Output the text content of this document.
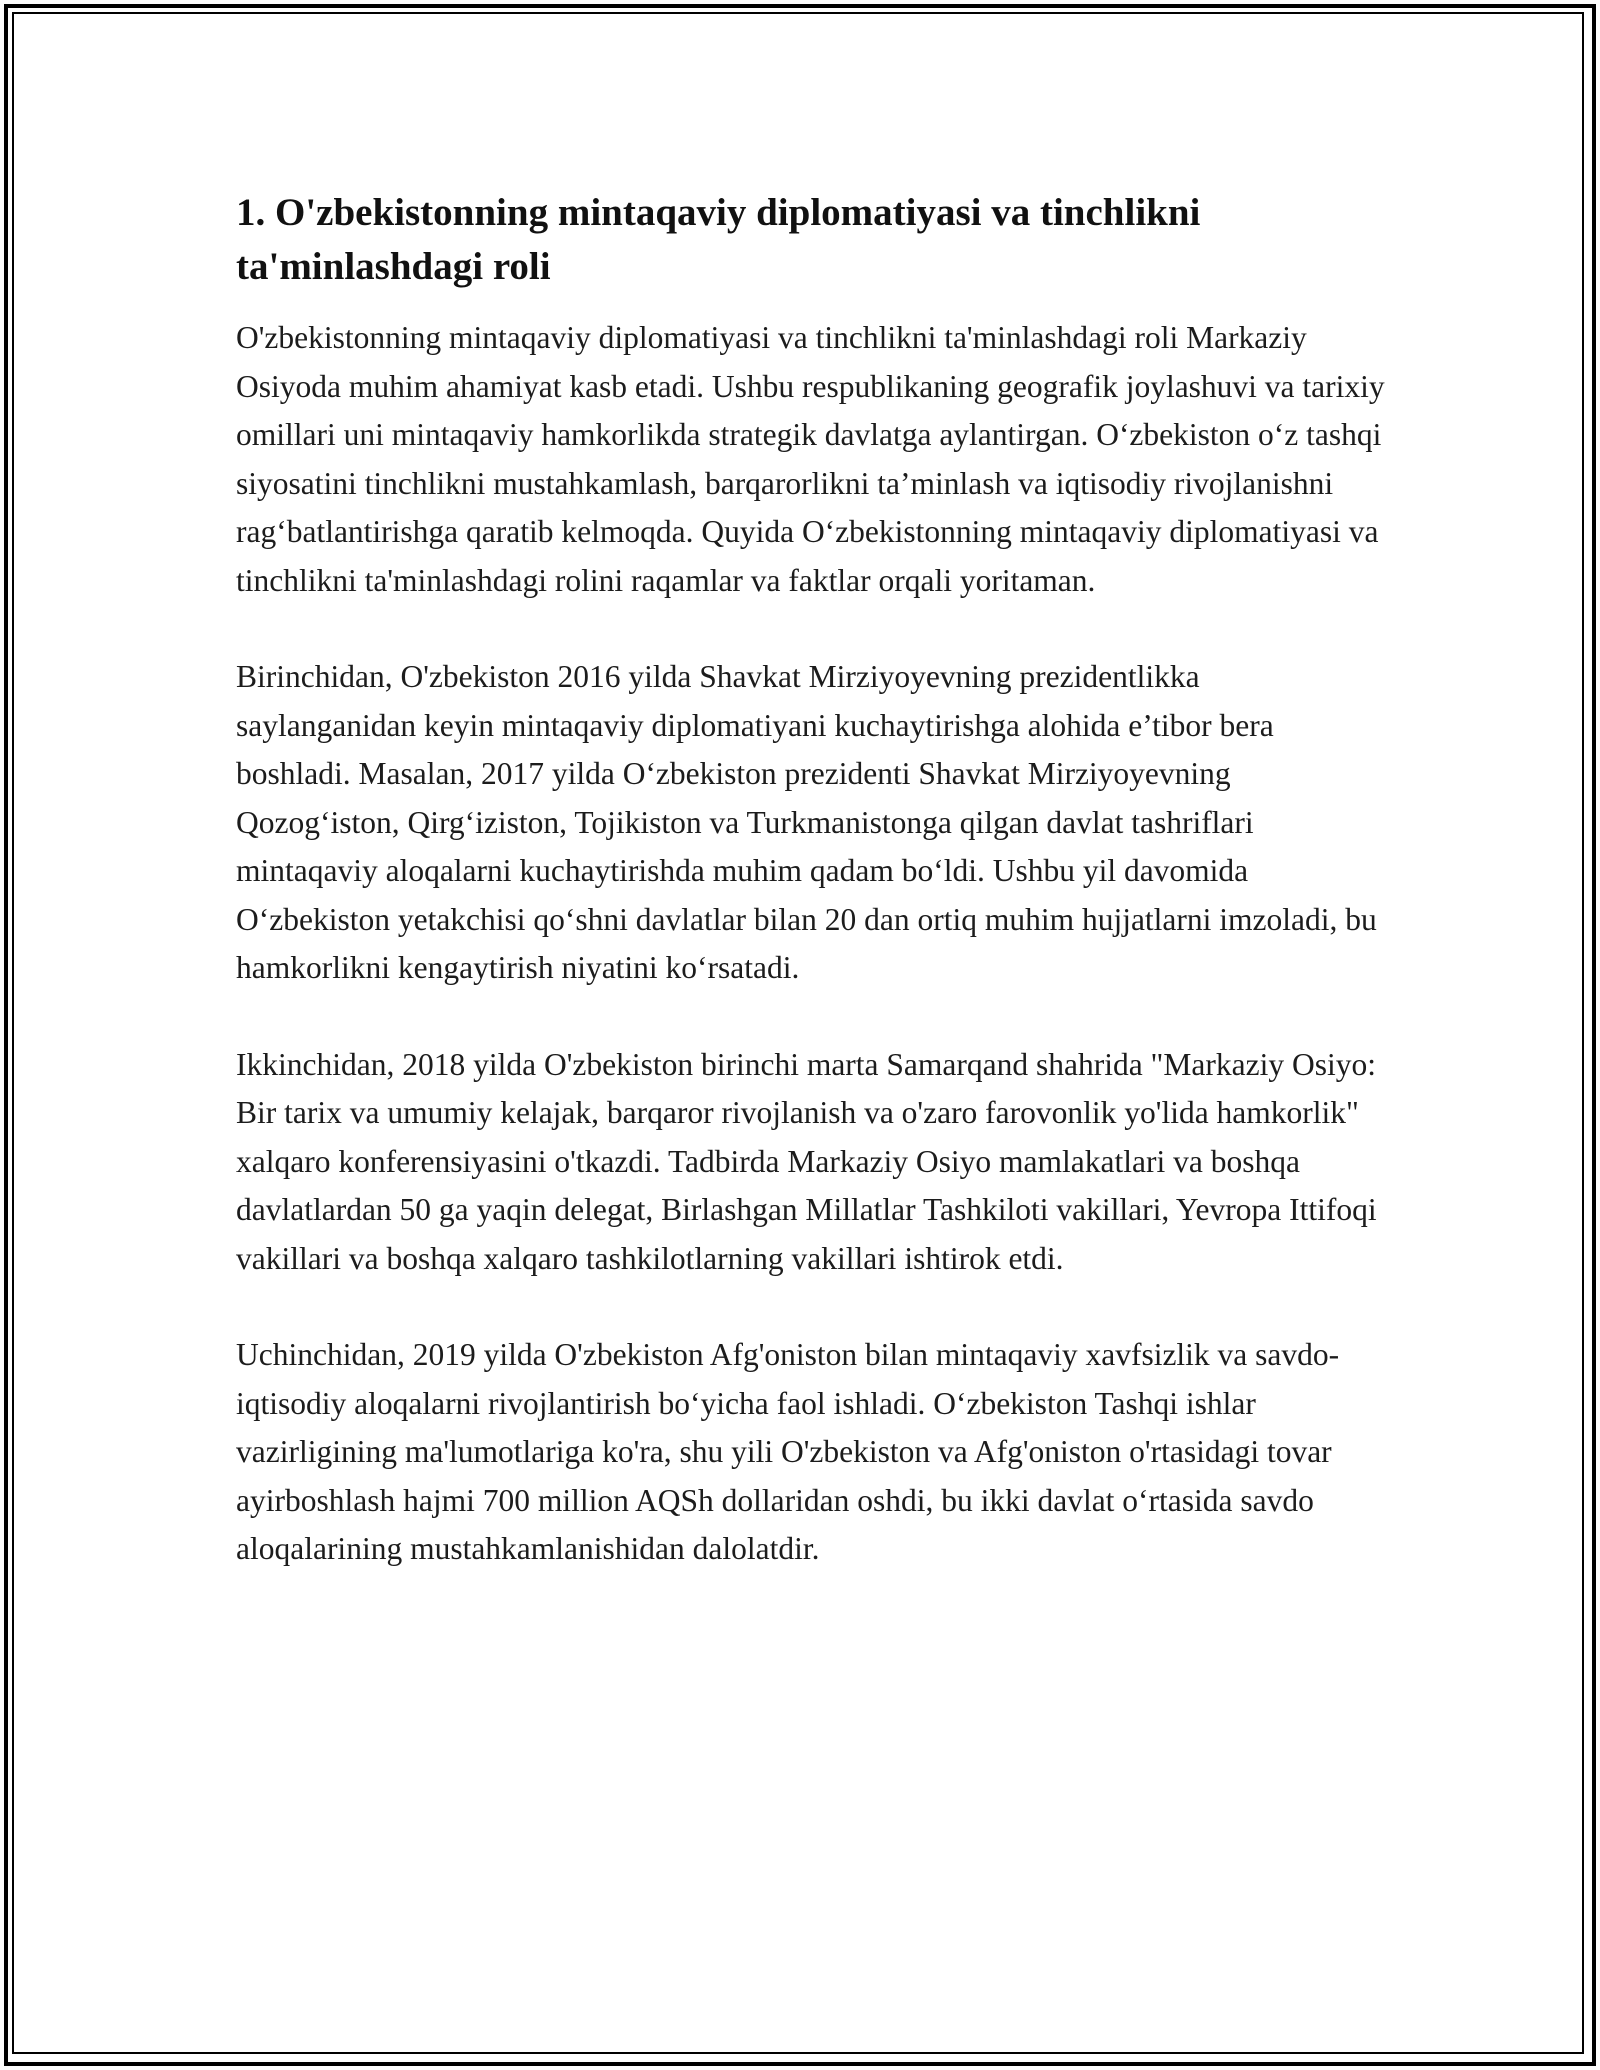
1. O'zbekistonning mintaqaviy diplomatiyasi va tinchlikni ta'minlashdagi roli

O'zbekistonning mintaqaviy diplomatiyasi va tinchlikni ta'minlashdagi roli Markaziy Osiyoda muhim ahamiyat kasb etadi. Ushbu respublikaning geografik joylashuvi va tarixiy omillari uni mintaqaviy hamkorlikda strategik davlatga aylantirgan. O‘zbekiston o‘z tashqi siyosatini tinchlikni mustahkamlash, barqarorlikni ta’minlash va iqtisodiy rivojlanishni rag‘batlantirishga qaratib kelmoqda. Quyida O‘zbekistonning mintaqaviy diplomatiyasi va tinchlikni ta'minlashdagi rolini raqamlar va faktlar orqali yoritaman.

Birinchidan, O'zbekiston 2016 yilda Shavkat Mirziyoyevning prezidentlikka saylanganidan keyin mintaqaviy diplomatiyani kuchaytirishga alohida e’tibor bera boshladi. Masalan, 2017 yilda O‘zbekiston prezidenti Shavkat Mirziyoyevning Qozog‘iston, Qirg‘iziston, Tojikiston va Turkmanistonga qilgan davlat tashriflari mintaqaviy aloqalarni kuchaytirishda muhim qadam bo‘ldi. Ushbu yil davomida O‘zbekiston yetakchisi qo‘shni davlatlar bilan 20 dan ortiq muhim hujjatlarni imzoladi, bu hamkorlikni kengaytirish niyatini ko‘rsatadi.

Ikkinchidan, 2018 yilda O'zbekiston birinchi marta Samarqand shahrida "Markaziy Osiyo: Bir tarix va umumiy kelajak, barqaror rivojlanish va o'zaro farovonlik yo'lida hamkorlik" xalqaro konferensiyasini o'tkazdi. Tadbirda Markaziy Osiyo mamlakatlari va boshqa davlatlardan 50 ga yaqin delegat, Birlashgan Millatlar Tashkiloti vakillari, Yevropa Ittifoqi vakillari va boshqa xalqaro tashkilotlarning vakillari ishtirok etdi.

Uchinchidan, 2019 yilda O'zbekiston Afg'oniston bilan mintaqaviy xavfsizlik va savdo-iqtisodiy aloqalarni rivojlantirish bo‘yicha faol ishladi. O‘zbekiston Tashqi ishlar vazirligining ma'lumotlariga ko'ra, shu yili O'zbekiston va Afg'oniston o'rtasidagi tovar ayirboshlash hajmi 700 million AQSh dollaridan oshdi, bu ikki davlat o‘rtasida savdo aloqalarining mustahkamlanishidan dalolatdir.
